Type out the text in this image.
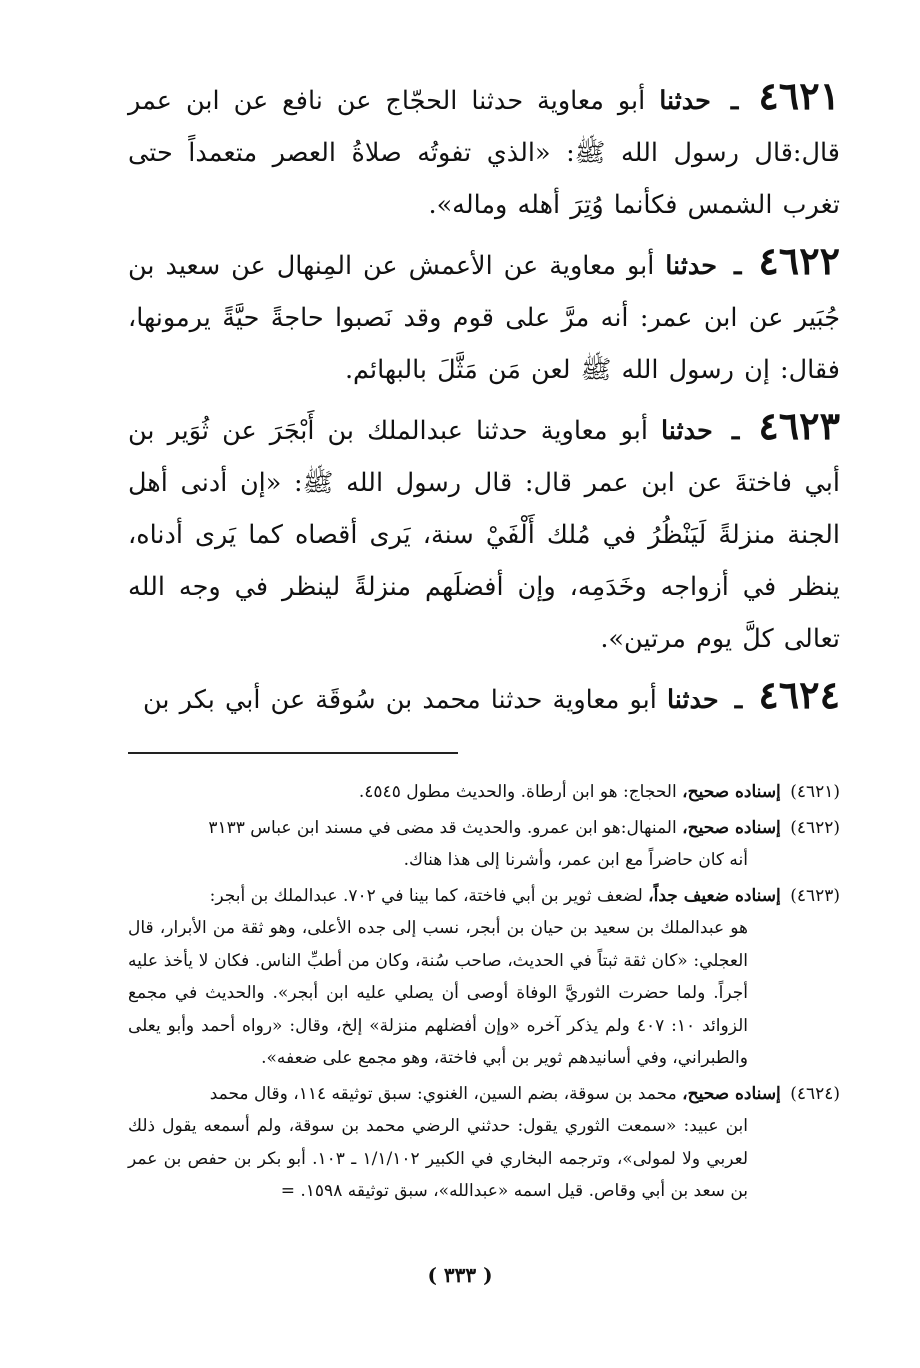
٤٦٢١ ـ حدثنا أبو معاوية حدثنا الحجّاج عن نافع عن ابن عمر قال:قال رسول الله ﷺ: «الذي تفوتُه صلاةُ العصر متعمداً حتى تغرب الشمس فكأنما وُتِرَ أهله وماله».

٤٦٢٢ ـ حدثنا أبو معاوية عن الأعمش عن المِنهال عن سعيد بن جُبَير عن ابن عمر: أنه مرَّ على قوم وقد نَصبوا حاجةً حيَّةً يرمونها، فقال: إن رسول الله ﷺ لعن مَن مَثَّلَ بالبهائم.

٤٦٢٣ ـ حدثنا أبو معاوية حدثنا عبدالملك بن أَبْجَرَ عن ثُوَير بن أبي فاختةَ عن ابن عمر قال: قال رسول الله ﷺ: «إن أدنى أهل الجنة منزلةً لَيَنْظُرُ في مُلك أَلْفَيْ سنة، يَرى أقصاه كما يَرى أدناه، ينظر في أزواجه وخَدَمِه، وإن أفضلَهم منزلةً لينظر في وجه الله تعالى كلَّ يوم مرتين».

٤٦٢٤ ـ حدثنا أبو معاوية حدثنا محمد بن سُوقَة عن أبي بكر بن

(٤٦٢١) إسناده صحيح، الحجاج: هو ابن أرطاة. والحديث مطول ٤٥٤٥.
(٤٦٢٢) إسناده صحيح، المنهال:هو ابن عمرو. والحديث قد مضى في مسند ابن عباس ٣١٣٣
أنه كان حاضراً مع ابن عمر، وأشرنا إلى هذا هناك.
(٤٦٢٣) إسناده ضعيف جداً، لضعف ثوير بن أبي فاختة، كما بينا في ٧٠٢. عبدالملك بن أبجر:
هو عبدالملك بن سعيد بن حيان بن أبجر، نسب إلى جده الأعلى، وهو ثقة من الأبرار، قال العجلي: «كان ثقة ثبتاً في الحديث، صاحب سُنة، وكان من أطبِّ الناس. فكان لا يأخذ عليه أجراً. ولما حضرت الثوريَّ الوفاة أوصى أن يصلي عليه ابن أبجر». والحديث في مجمع الزوائد ١٠: ٤٠٧ ولم يذكر آخره «وإن أفضلهم منزلة» إلخ، وقال: «رواه أحمد وأبو يعلى والطبراني، وفي أسانيدهم ثوير بن أبي فاختة، وهو مجمع على ضعفه».
(٤٦٢٤) إسناده صحيح، محمد بن سوقة، بضم السين، الغنوي: سبق توثيقه ١١٤، وقال محمد
ابن عبيد: «سمعت الثوري يقول: حدثني الرضي محمد بن سوقة، ولم أسمعه يقول ذلك لعربي ولا لمولى»، وترجمه البخاري في الكبير ١/١/١٠٢ ـ ١٠٣. أبو بكر بن حفص بن عمر بن سعد بن أبي وقاص. قيل اسمه «عبدالله»، سبق توثيقه ١٥٩٨. =
( ٣٣٣ )
